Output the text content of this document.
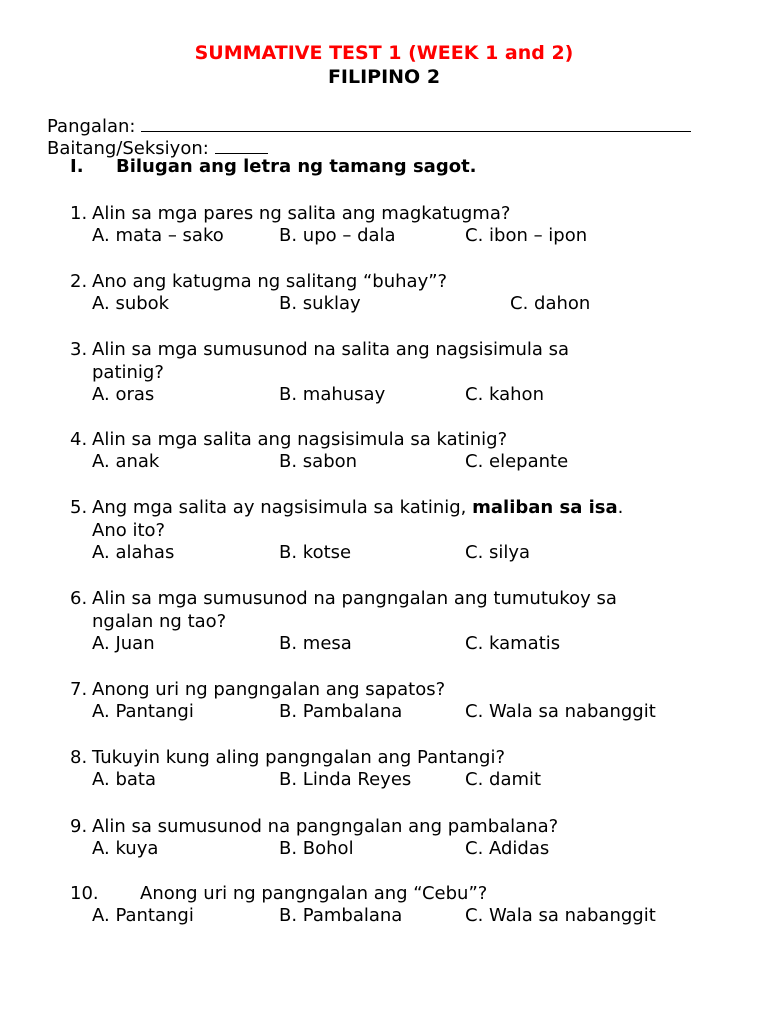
SUMMATIVE TEST 1 (WEEK 1 and 2)
FILIPINO 2
Pangalan:
Baitang/Seksiyon:
I. Bilugan ang letra ng tamang sagot.
1. Alin sa mga pares ng salita ang magkatugma?
A. mata – sako	B. upo – dala	C. ibon – ipon
2. Ano ang katugma ng salitang “buhay”?
A. subok	B. suklay	C. dahon
3. Alin sa mga sumusunod na salita ang nagsisimula sa
patinig?
A. oras	B. mahusay	C. kahon
4. Alin sa mga salita ang nagsisimula sa katinig?
A. anak	B. sabon	C. elepante
5. Ang mga salita ay nagsisimula sa katinig, maliban sa isa.
Ano ito?
A. alahas	B. kotse	C. silya
6. Alin sa mga sumusunod na pangngalan ang tumutukoy sa
ngalan ng tao?
A. Juan	B. mesa	C. kamatis
7. Anong uri ng pangngalan ang sapatos?
A. Pantangi	B. Pambalana	C. Wala sa nabanggit
8. Tukuyin kung aling pangngalan ang Pantangi?
A. bata	B. Linda Reyes	C. damit
9. Alin sa sumusunod na pangngalan ang pambalana?
A. kuya	B. Bohol	C. Adidas
10. Anong uri ng pangngalan ang “Cebu”?
A. Pantangi	B. Pambalana	C. Wala sa nabanggit
